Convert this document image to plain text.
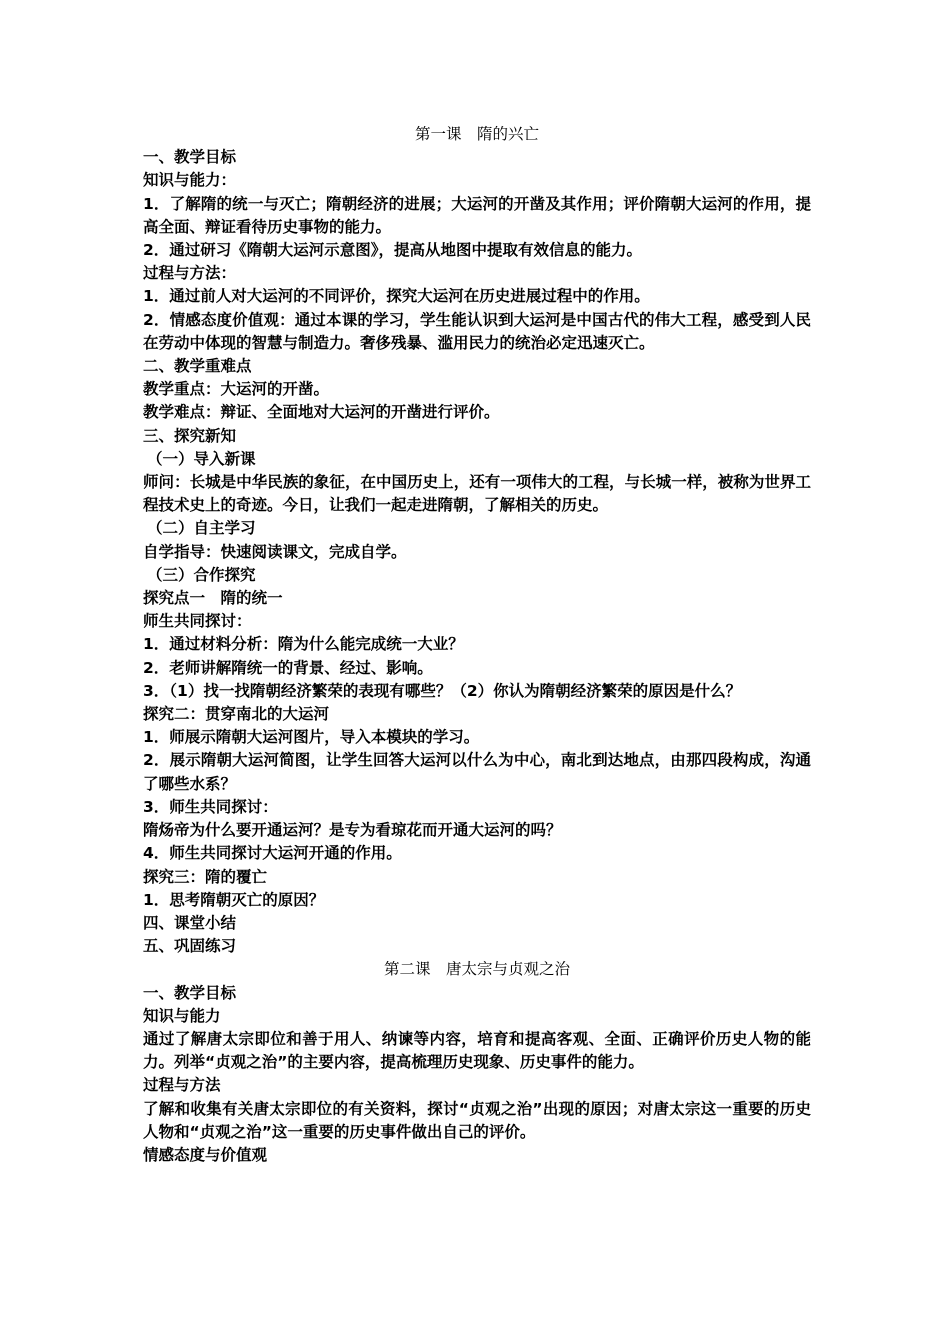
第一课　隋的兴亡

一、教学目标

知识与能力：

1．了解隋的统一与灭亡；隋朝经济的进展；大运河的开凿及其作用；评价隋朝大运河的作用，提高全面、辩证看待历史事物的能力。

2．通过研习《隋朝大运河示意图》，提高从地图中提取有效信息的能力。

过程与方法：

1．通过前人对大运河的不同评价，探究大运河在历史进展过程中的作用。

2．情感态度价值观：通过本课的学习，学生能认识到大运河是中国古代的伟大工程，感受到人民在劳动中体现的智慧与制造力。奢侈残暴、滥用民力的统治必定迅速灭亡。

二、教学重难点

教学重点：大运河的开凿。

教学难点：辩证、全面地对大运河的开凿进行评价。

三、探究新知

（一）导入新课

师问：长城是中华民族的象征，在中国历史上，还有一项伟大的工程，与长城一样，被称为世界工程技术史上的奇迹。今日，让我们一起走进隋朝，了解相关的历史。

（二）自主学习

自学指导：快速阅读课文，完成自学。

（三）合作探究

探究点一　隋的统一

师生共同探讨：

1．通过材料分析：隋为什么能完成统一大业？

2．老师讲解隋统一的背景、经过、影响。

3．（1）找一找隋朝经济繁荣的表现有哪些？（2）你认为隋朝经济繁荣的原因是什么？

探究二：贯穿南北的大运河

1．师展示隋朝大运河图片，导入本模块的学习。

2．展示隋朝大运河简图，让学生回答大运河以什么为中心，南北到达地点，由那四段构成，沟通了哪些水系？

3．师生共同探讨：

隋炀帝为什么要开通运河？是专为看琼花而开通大运河的吗？

4．师生共同探讨大运河开通的作用。

探究三：隋的覆亡

1．思考隋朝灭亡的原因？

四、课堂小结

五、巩固练习

第二课　唐太宗与贞观之治

一、教学目标

知识与能力

通过了解唐太宗即位和善于用人、纳谏等内容，培育和提高客观、全面、正确评价历史人物的能力。列举“贞观之治”的主要内容，提高梳理历史现象、历史事件的能力。

过程与方法

了解和收集有关唐太宗即位的有关资料，探讨“贞观之治”出现的原因；对唐太宗这一重要的历史人物和“贞观之治”这一重要的历史事件做出自己的评价。

情感态度与价值观
